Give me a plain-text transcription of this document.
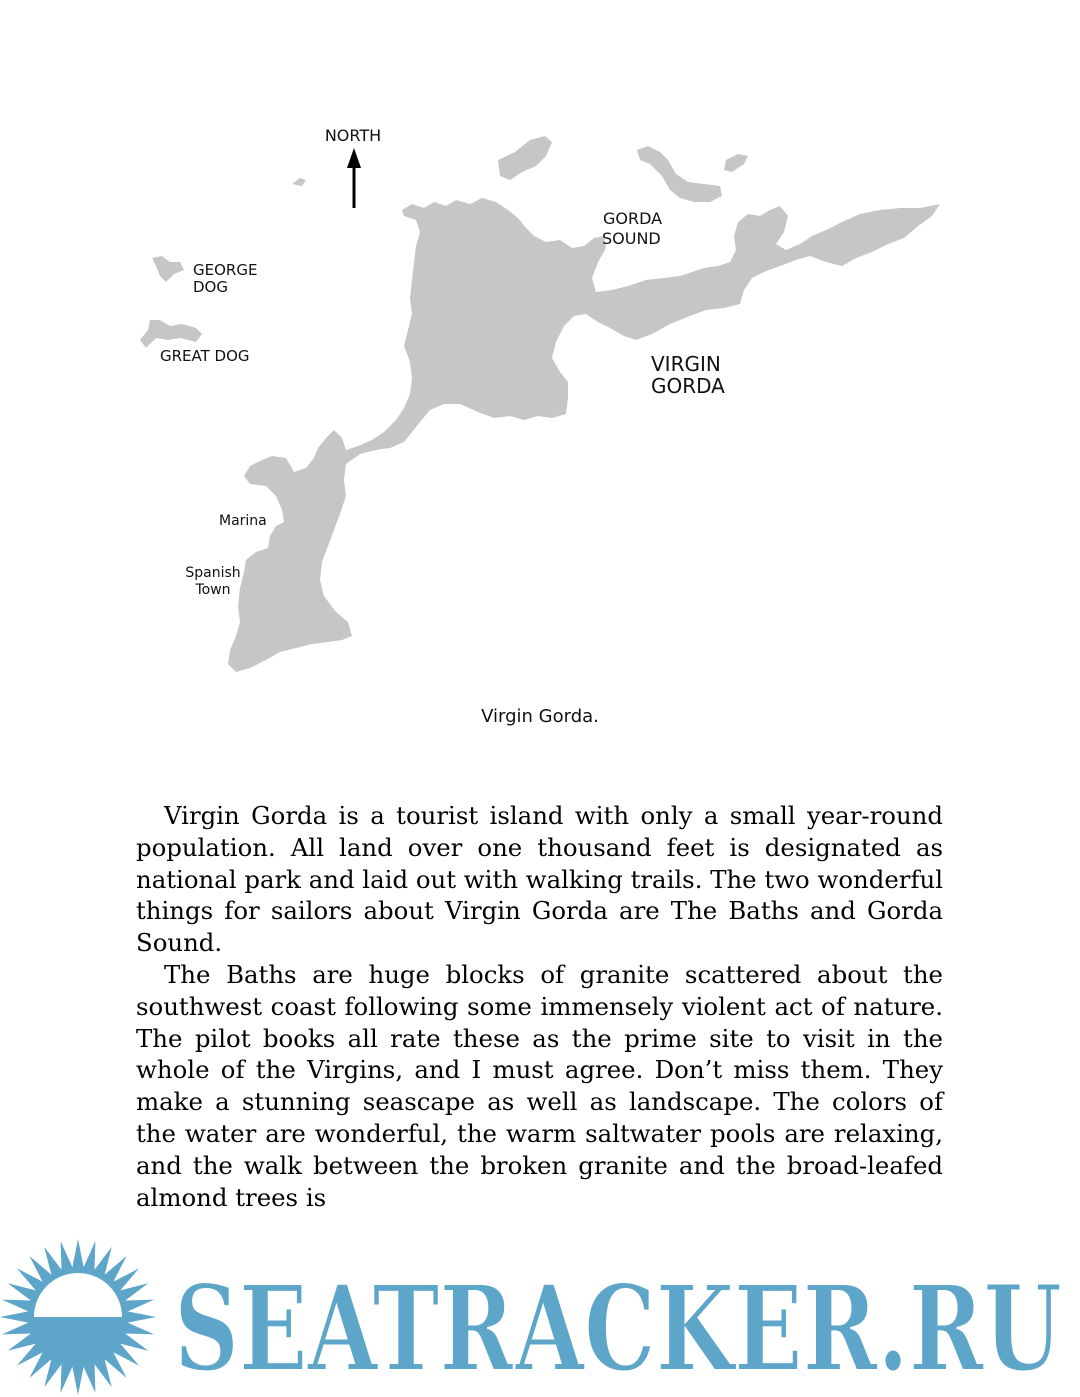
NORTH
GEORGE
DOG
GREAT DOG
GORDA
SOUND
VIRGIN
GORDA
Marina
Spanish
Town
Virgin Gorda.

Virgin Gorda is a tourist island with only a small year-round population. All land over one thousand feet is designated as national park and laid out with walking trails. The two wonderful things for sailors about Virgin Gorda are The Baths and Gorda Sound.

The Baths are huge blocks of granite scattered about the southwest coast following some immensely violent act of nature. The pilot books all rate these as the prime site to visit in the whole of the Virgins, and I must agree. Don’t miss them. They make a stunning seascape as well as landscape. The colors of the water are wonderful, the warm saltwater pools are relaxing, and the walk between the broken granite and the broad-leafed almond trees is

SEATRACKER.RU
